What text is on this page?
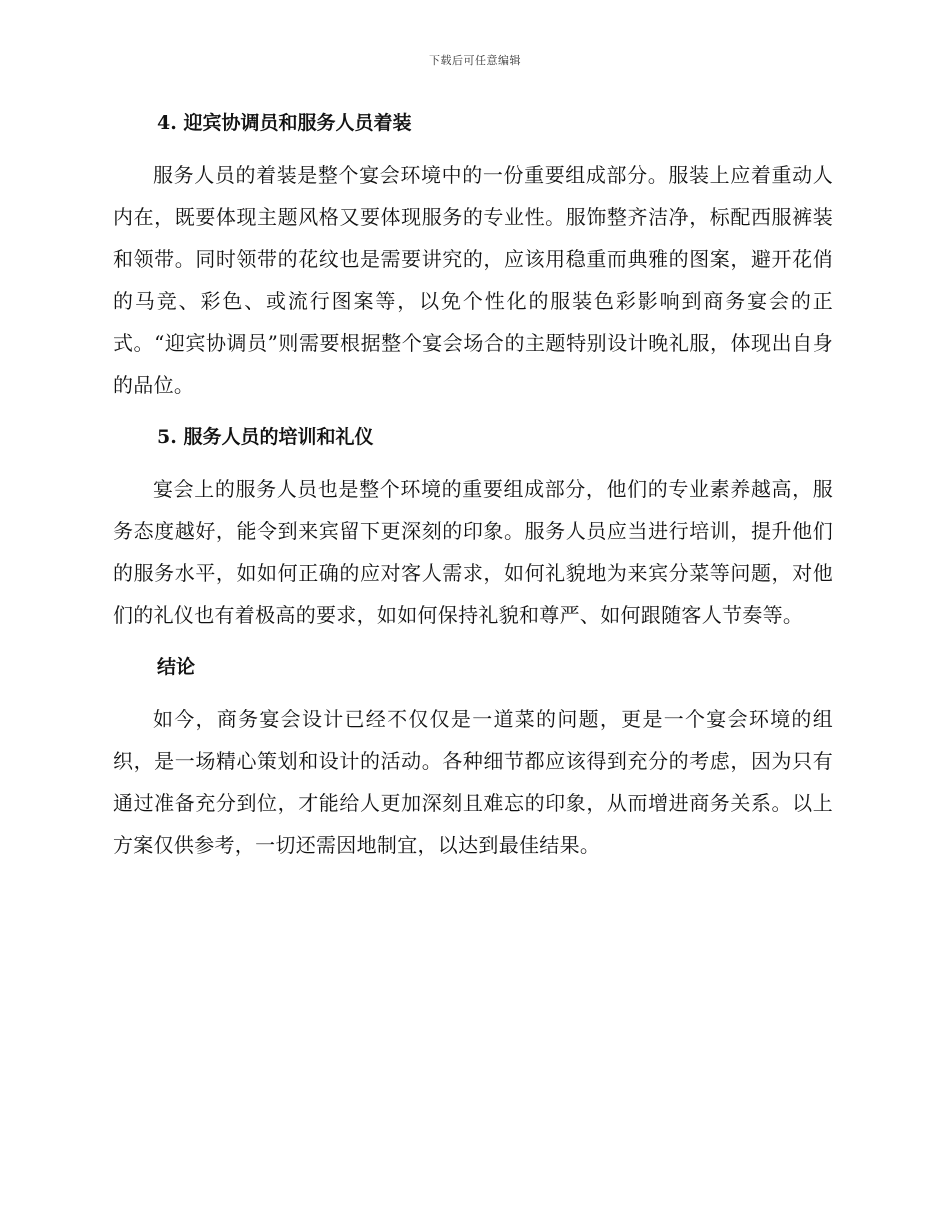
下载后可任意编辑
4. 迎宾协调员和服务人员着装

服务人员的着装是整个宴会环境中的一份重要组成部分。服装上应着重动人内在，既要体现主题风格又要体现服务的专业性。服饰整齐洁净，标配西服裤装和领带。同时领带的花纹也是需要讲究的，应该用稳重而典雅的图案，避开花俏的马竞、彩色、或流行图案等，以免个性化的服装色彩影响到商务宴会的正式。“迎宾协调员”则需要根据整个宴会场合的主题特别设计晚礼服，体现出自身的品位。

5. 服务人员的培训和礼仪

宴会上的服务人员也是整个环境的重要组成部分，他们的专业素养越高，服务态度越好，能令到来宾留下更深刻的印象。服务人员应当进行培训，提升他们的服务水平，如如何正确的应对客人需求，如何礼貌地为来宾分菜等问题，对他们的礼仪也有着极高的要求，如如何保持礼貌和尊严、如何跟随客人节奏等。

结论

如今，商务宴会设计已经不仅仅是一道菜的问题，更是一个宴会环境的组织，是一场精心策划和设计的活动。各种细节都应该得到充分的考虑，因为只有通过准备充分到位，才能给人更加深刻且难忘的印象，从而增进商务关系。以上方案仅供参考，一切还需因地制宜，以达到最佳结果。
